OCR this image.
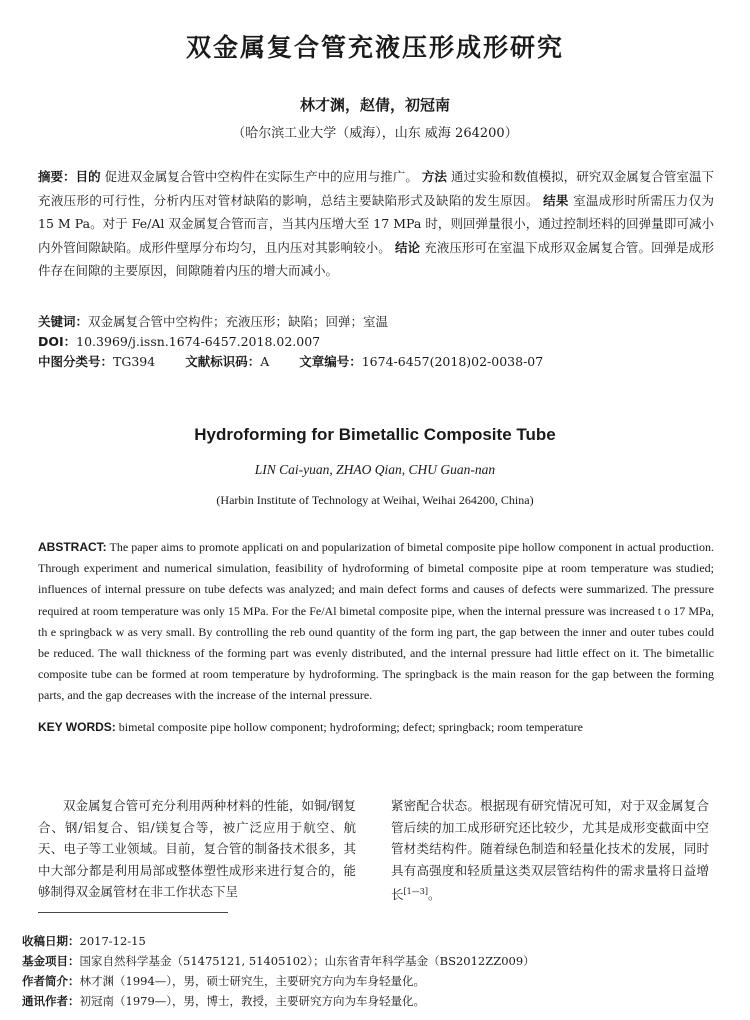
双金属复合管充液压形成形研究
林才渊，赵倩，初冠南
（哈尔滨工业大学（威海），山东 威海 264200）
摘要：目的 促进双金属复合管中空构件在实际生产中的应用与推广。 方法 通过实验和数值模拟，研究双金属复合管室温下充液压形的可行性，分析内压对管材缺陷的影响，总结主要缺陷形式及缺陷的发生原因。 结果 室温成形时所需压力仅为 15 M Pa。对于 Fe/Al 双金属复合管而言，当其内压增大至 17 MPa 时，则回弹量很小，通过控制坯料的回弹量即可减小内外管间隙缺陷。成形件壁厚分布均匀，且内压对其影响较小。 结论 充液压形可在室温下成形双金属复合管。回弹是成形件存在间隙的主要原因，间隙随着内压的增大而减小。
关键词：双金属复合管中空构件；充液压形；缺陷；回弹；室温
DOI：10.3969/j.issn.1674-6457.2018.02.007
中图分类号：TG394 文献标识码：A 文章编号：1674-6457(2018)02-0038-07
Hydroforming for Bimetallic Composite Tube
LIN Cai-yuan, ZHAO Qian, CHU Guan-nan
(Harbin Institute of Technology at Weihai, Weihai 264200, China)
ABSTRACT: The paper aims to promote applicati on and popularization of bimetal composite pipe hollow component in actual production. Through experiment and numerical simulation, feasibility of hydroforming of bimetal composite pipe at room temperature was studied; influences of internal pressure on tube defects was analyzed; and main defect forms and causes of defects were summarized. The pressure required at room temperature was only 15 MPa. For the Fe/Al bimetal composite pipe, when the internal pressure was increased t o 17 MPa, th e springback w as very small. By controlling the reb ound quantity of the form ing part, the gap between the inner and outer tubes could be reduced. The wall thickness of the forming part was evenly distributed, and the internal pressure had little effect on it. The bimetallic composite tube can be formed at room temperature by hydroforming. The springback is the main reason for the gap between the forming parts, and the gap decreases with the increase of the internal pressure.
KEY WORDS: bimetal composite pipe hollow component; hydroforming; defect; springback; room temperature
双金属复合管可充分利用两种材料的性能，如铜/钢复合、钢/铝复合、铝/镁复合等，被广泛应用于航空、航天、电子等工业领域。目前，复合管的制备技术很多，其中大部分都是利用局部或整体塑性成形来进行复合的，能够制得双金属管材在非工作状态下呈
紧密配合状态。根据现有研究情况可知，对于双金属复合管后续的加工成形研究还比较少，尤其是成形变截面中空管材类结构件。随着绿色制造和轻量化技术的发展，同时具有高强度和轻质量这类双层管结构件的需求量将日益增长[1—3]。
收稿日期：2017-12-15
基金项目：国家自然科学基金（51475121, 51405102）；山东省青年科学基金（BS2012ZZ009）
作者简介：林才渊（1994—），男，硕士研究生，主要研究方向为车身轻量化。
通讯作者：初冠南（1979—），男，博士，教授，主要研究方向为车身轻量化。
